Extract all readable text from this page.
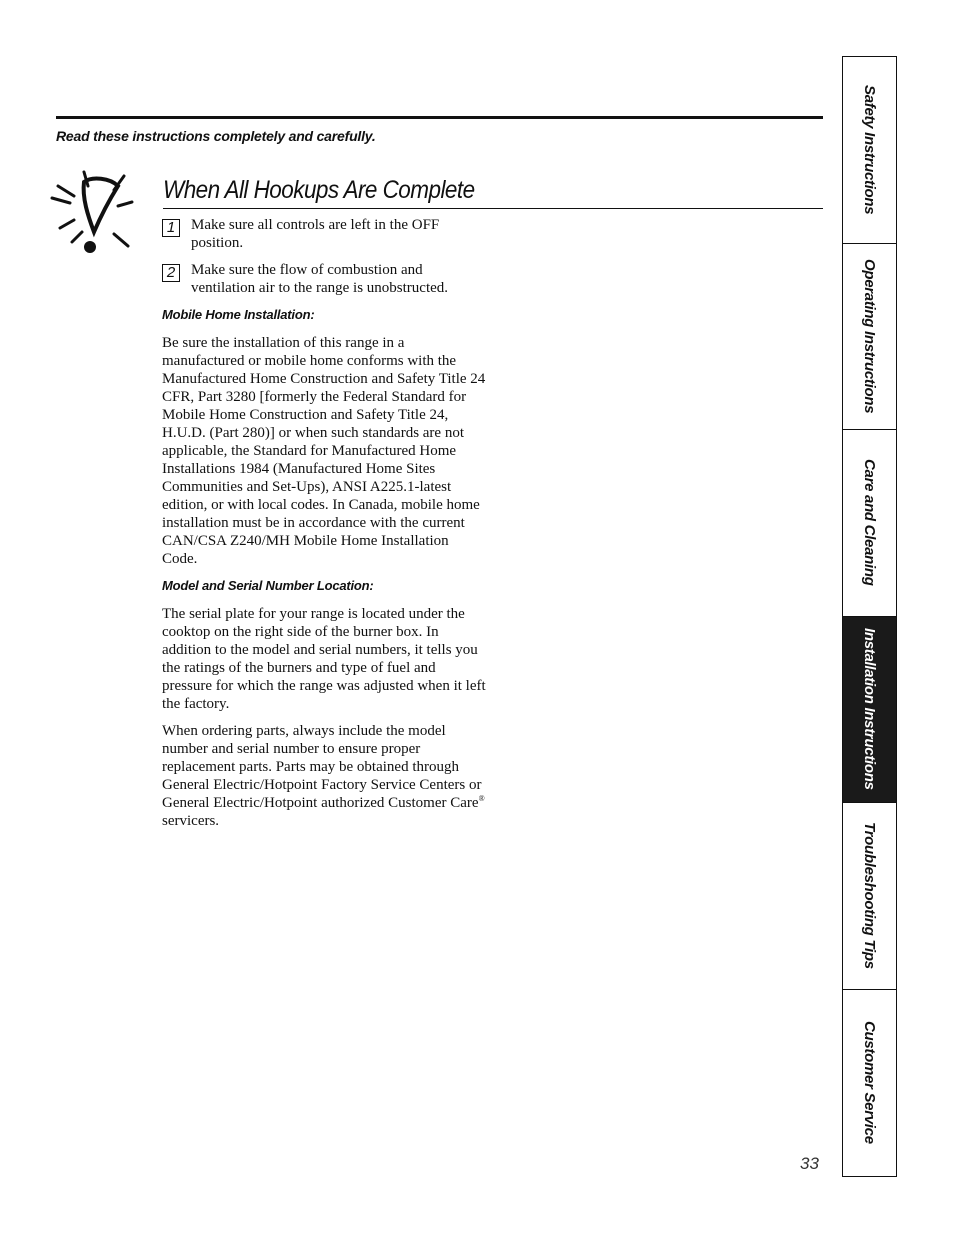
Read these instructions completely and carefully.
When All Hookups Are Complete
1	Make sure all controls are left in the OFF position.
2	Make sure the flow of combustion and ventilation air to the range is unobstructed.
Mobile Home Installation:

Be sure the installation of this range in a manufactured or mobile home conforms with the Manufactured Home Construction and Safety Title 24 CFR, Part 3280 [formerly the Federal Standard for Mobile Home Construction and Safety Title 24, H.U.D. (Part 280)] or when such standards are not applicable, the Standard for Manufactured Home Installations 1984 (Manufactured Home Sites Communities and Set-Ups), ANSI A225.1-latest edition, or with local codes. In Canada, mobile home installation must be in accordance with the current CAN/CSA Z240/MH Mobile Home Installation Code.

Model and Serial Number Location:

The serial plate for your range is located under the cooktop on the right side of the burner box. In addition to the model and serial numbers, it tells you the ratings of the burners and type of fuel and pressure for which the range was adjusted when it left the factory.

When ordering parts, always include the model number and serial number to ensure proper replacement parts. Parts may be obtained through General Electric/Hotpoint Factory Service Centers or General Electric/Hotpoint authorized Customer Care® servicers.

33
Safety Instructions
Operating Instructions
Care and Cleaning
Installation Instructions
Troubleshooting Tips
Customer Service
